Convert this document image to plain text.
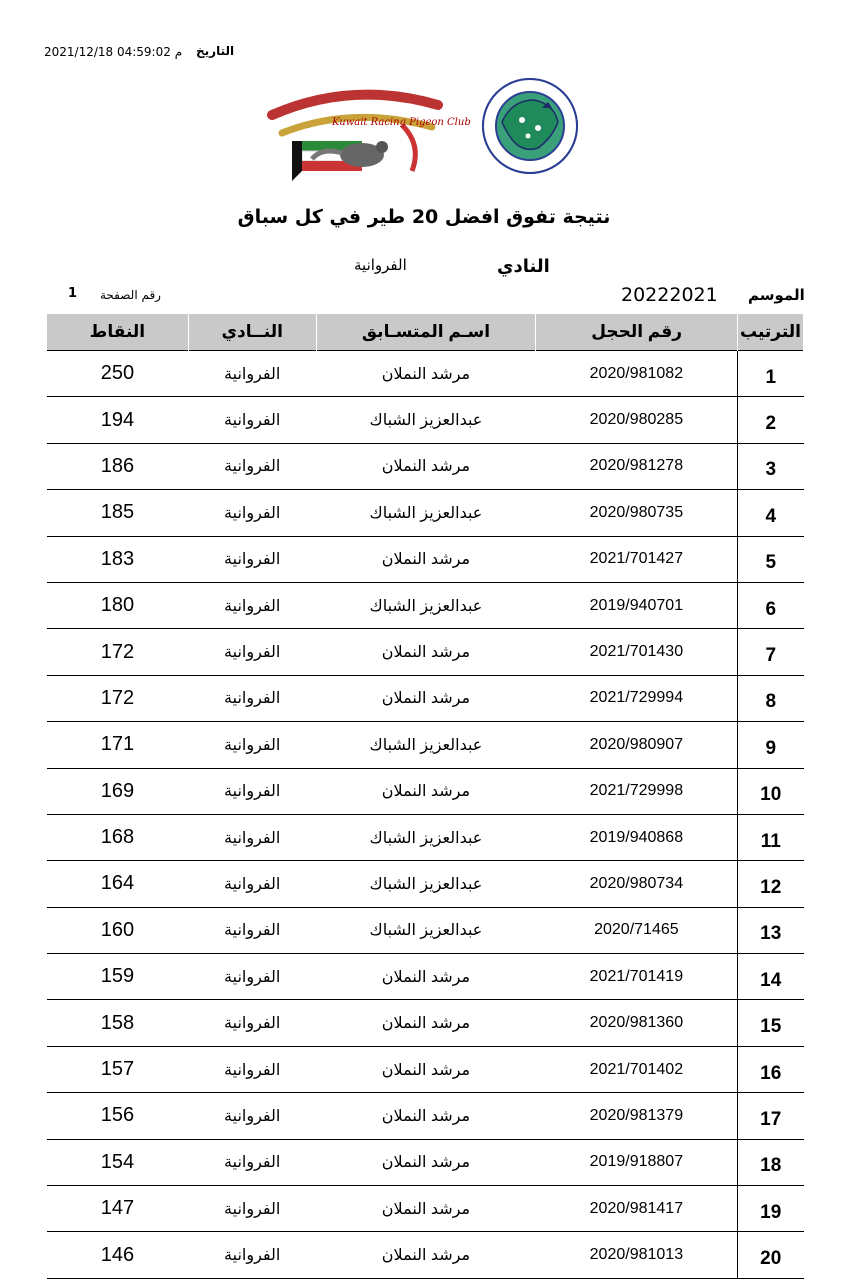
التاريخ
2021/12/18 04:59:02 م
Kuwait Racing Pigeon Club
نتيجة تفوق افضل 20 طير في كل سباق
النادي
الفروانية
الموسم
20222021
رقم الصفحة
1
النقاط	النــادي	اسـم المتسـابق	رقم الحجل	الترتيب
250	الفروانية	مرشد النملان	2020/981082	1
194	الفروانية	عبدالعزيز الشباك	2020/980285	2
186	الفروانية	مرشد النملان	2020/981278	3
185	الفروانية	عبدالعزيز الشباك	2020/980735	4
183	الفروانية	مرشد النملان	2021/701427	5
180	الفروانية	عبدالعزيز الشباك	2019/940701	6
172	الفروانية	مرشد النملان	2021/701430	7
172	الفروانية	مرشد النملان	2021/729994	8
171	الفروانية	عبدالعزيز الشباك	2020/980907	9
169	الفروانية	مرشد النملان	2021/729998	10
168	الفروانية	عبدالعزيز الشباك	2019/940868	11
164	الفروانية	عبدالعزيز الشباك	2020/980734	12
160	الفروانية	عبدالعزيز الشباك	2020/71465	13
159	الفروانية	مرشد النملان	2021/701419	14
158	الفروانية	مرشد النملان	2020/981360	15
157	الفروانية	مرشد النملان	2021/701402	16
156	الفروانية	مرشد النملان	2020/981379	17
154	الفروانية	مرشد النملان	2019/918807	18
147	الفروانية	مرشد النملان	2020/981417	19
146	الفروانية	مرشد النملان	2020/981013	20
